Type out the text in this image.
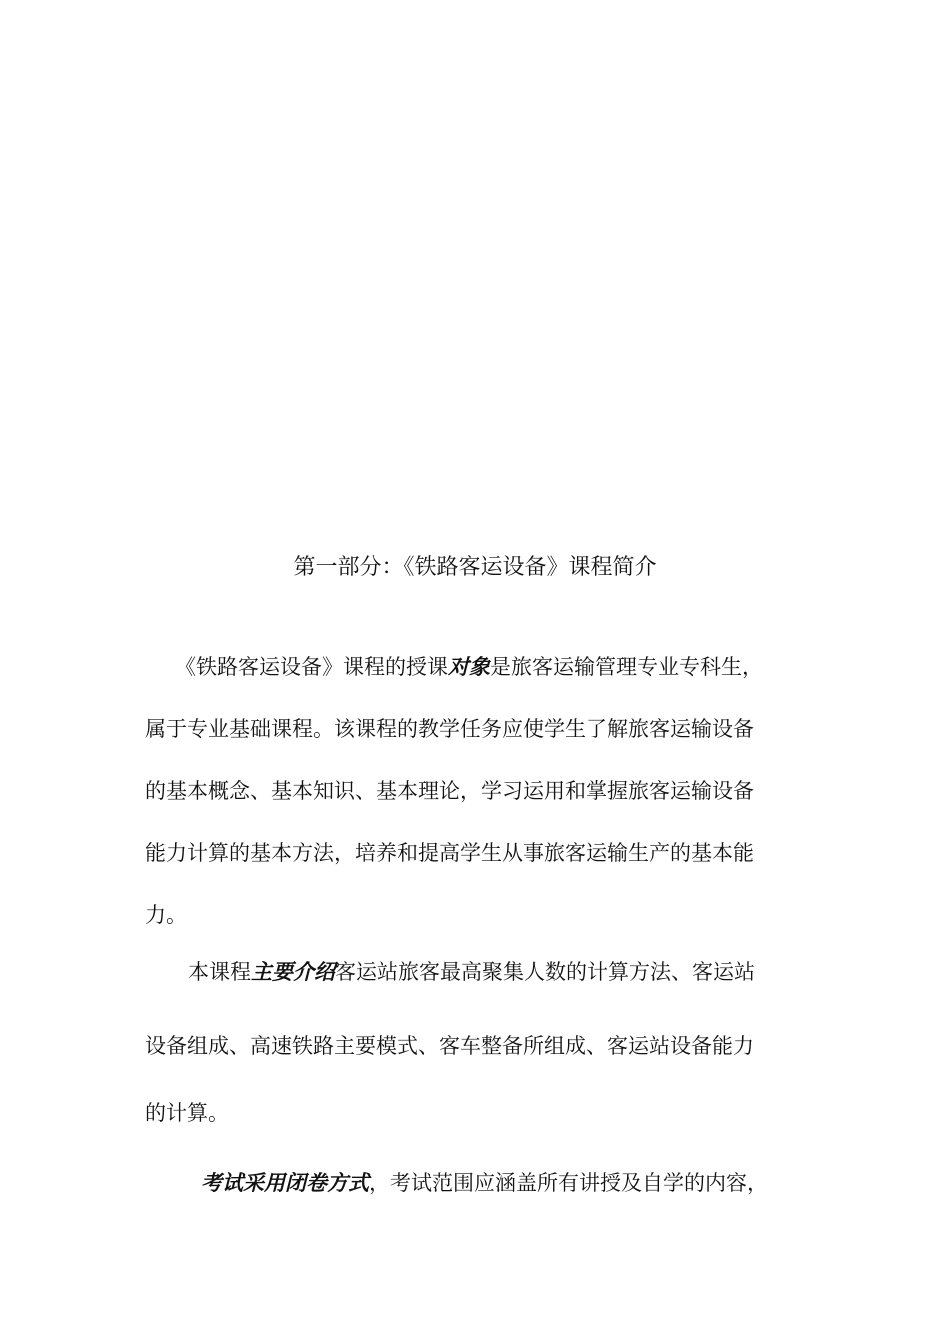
第一部分：《铁路客运设备》课程简介
《铁路客运设备》课程的授课对象是旅客运输管理专业专科生，
属于专业基础课程。该课程的教学任务应使学生了解旅客运输设备
的基本概念、基本知识、基本理论，学习运用和掌握旅客运输设备
能力计算的基本方法，培养和提高学生从事旅客运输生产的基本能
力。
本课程主要介绍客运站旅客最高聚集人数的计算方法、客运站
设备组成、高速铁路主要模式、客车整备所组成、客运站设备能力
的计算。
考试采用闭卷方式，考试范围应涵盖所有讲授及自学的内容，
